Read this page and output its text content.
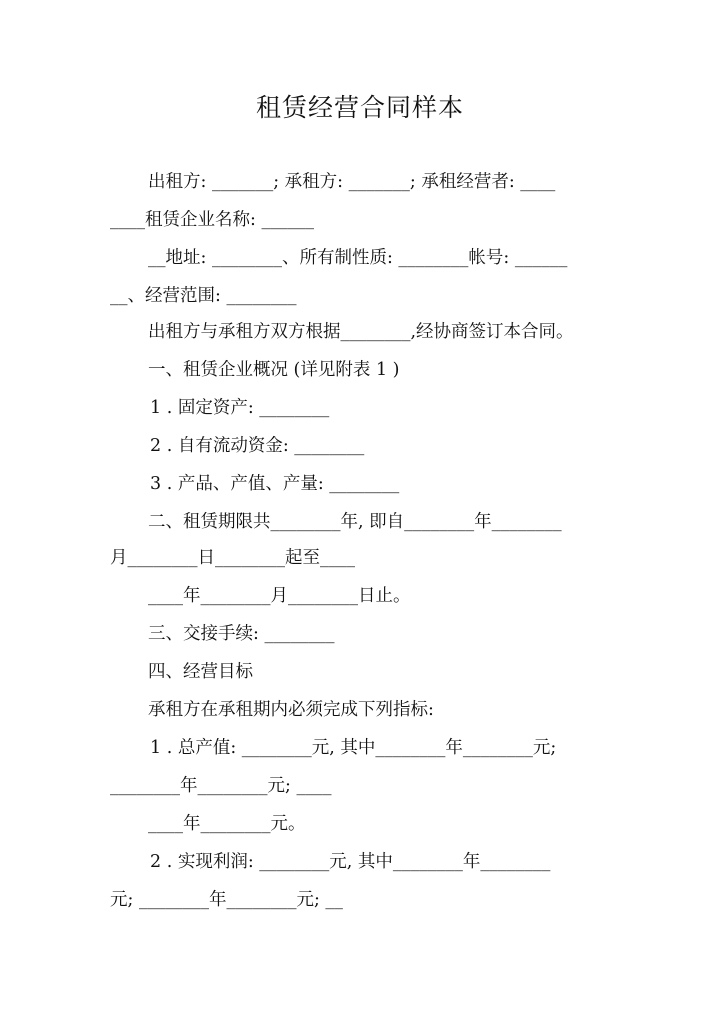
租赁经营合同样本
出租方: _______; 承租方: _______; 承租经营者: ____
____租赁企业名称: ______
__地址: ________、所有制性质: ________帐号: ______
__、经营范围: ________
出租方与承租方双方根据________,经协商签订本合同。
一、租赁企业概况 (详见附表 1 )
1 . 固定资产: ________
2 . 自有流动资金: ________
3 . 产品、产值、产量: ________
二、租赁期限共________年, 即自________年________
月________日________起至____
____年________月________日止。
三、交接手续: ________
四、经营目标
承租方在承租期内必须完成下列指标:
1 . 总产值: ________元, 其中________年________元;
________年________元; ____
____年________元。
2 . 实现利润: ________元, 其中________年________
元; ________年________元; __
